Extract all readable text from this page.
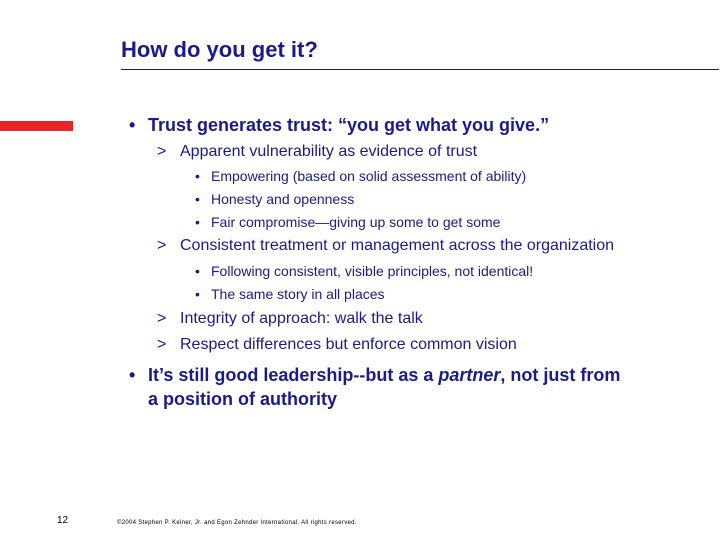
How do you get it?
• Trust generates trust: “you get what you give.”
> Apparent vulnerability as evidence of trust
• Empowering (based on solid assessment of ability)
• Honesty and openness
• Fair compromise—giving up some to get some
> Consistent treatment or management across the organization
• Following consistent, visible principles, not identical!
• The same story in all places
> Integrity of approach: walk the talk
> Respect differences but enforce common vision
• It’s still good leadership--but as a partner, not just from
a position of authority
12	©2004 Stephen P. Keiner, Jr. and Egon Zehnder International. All rights reserved.
